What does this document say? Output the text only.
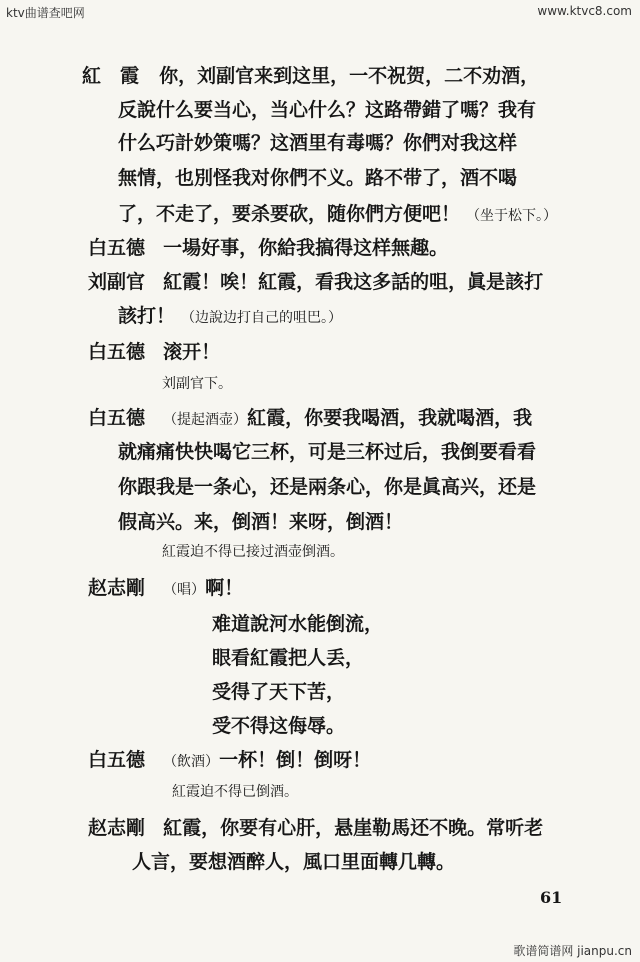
ktv曲谱查吧网	www.ktvc8.com
紅　霞 你，刘副官来到这里，一不祝贺，二不劝酒，
反說什么要当心，当心什么？这路帶錯了嗎？我有
什么巧計妙策嗎？这酒里有毒嗎？你們对我这样
無情，也別怪我对你們不义。路不带了，酒不喝
了，不走了，要杀要砍，随你們方便吧！ （坐于松下。）
白五德 一場好事，你給我搞得这样無趣。
刘副官 紅霞！唉！紅霞，看我这多話的咀，眞是該打
該打！ （边說边打自己的咀巴。）
白五德 滚开！
刘副官下。
白五德 （提起酒壶）紅霞，你要我喝酒，我就喝酒，我
就痛痛快快喝它三杯，可是三杯过后，我倒要看看
你跟我是一条心，还是兩条心，你是眞高兴，还是
假高兴。来，倒酒！来呀，倒酒！
紅霞迫不得已接过酒壶倒酒。
赵志剛 （唱）啊！
难道說河水能倒流，
眼看紅霞把人丢，
受得了天下苦，
受不得这侮辱。
白五德 （飲酒）一杯！倒！倒呀！
紅霞迫不得已倒酒。
赵志剛 紅霞，你要有心肝，悬崖勒馬还不晚。常听老
人言，要想酒醉人，風口里面轉几轉。
61
歌谱简谱网 jianpu.cn
